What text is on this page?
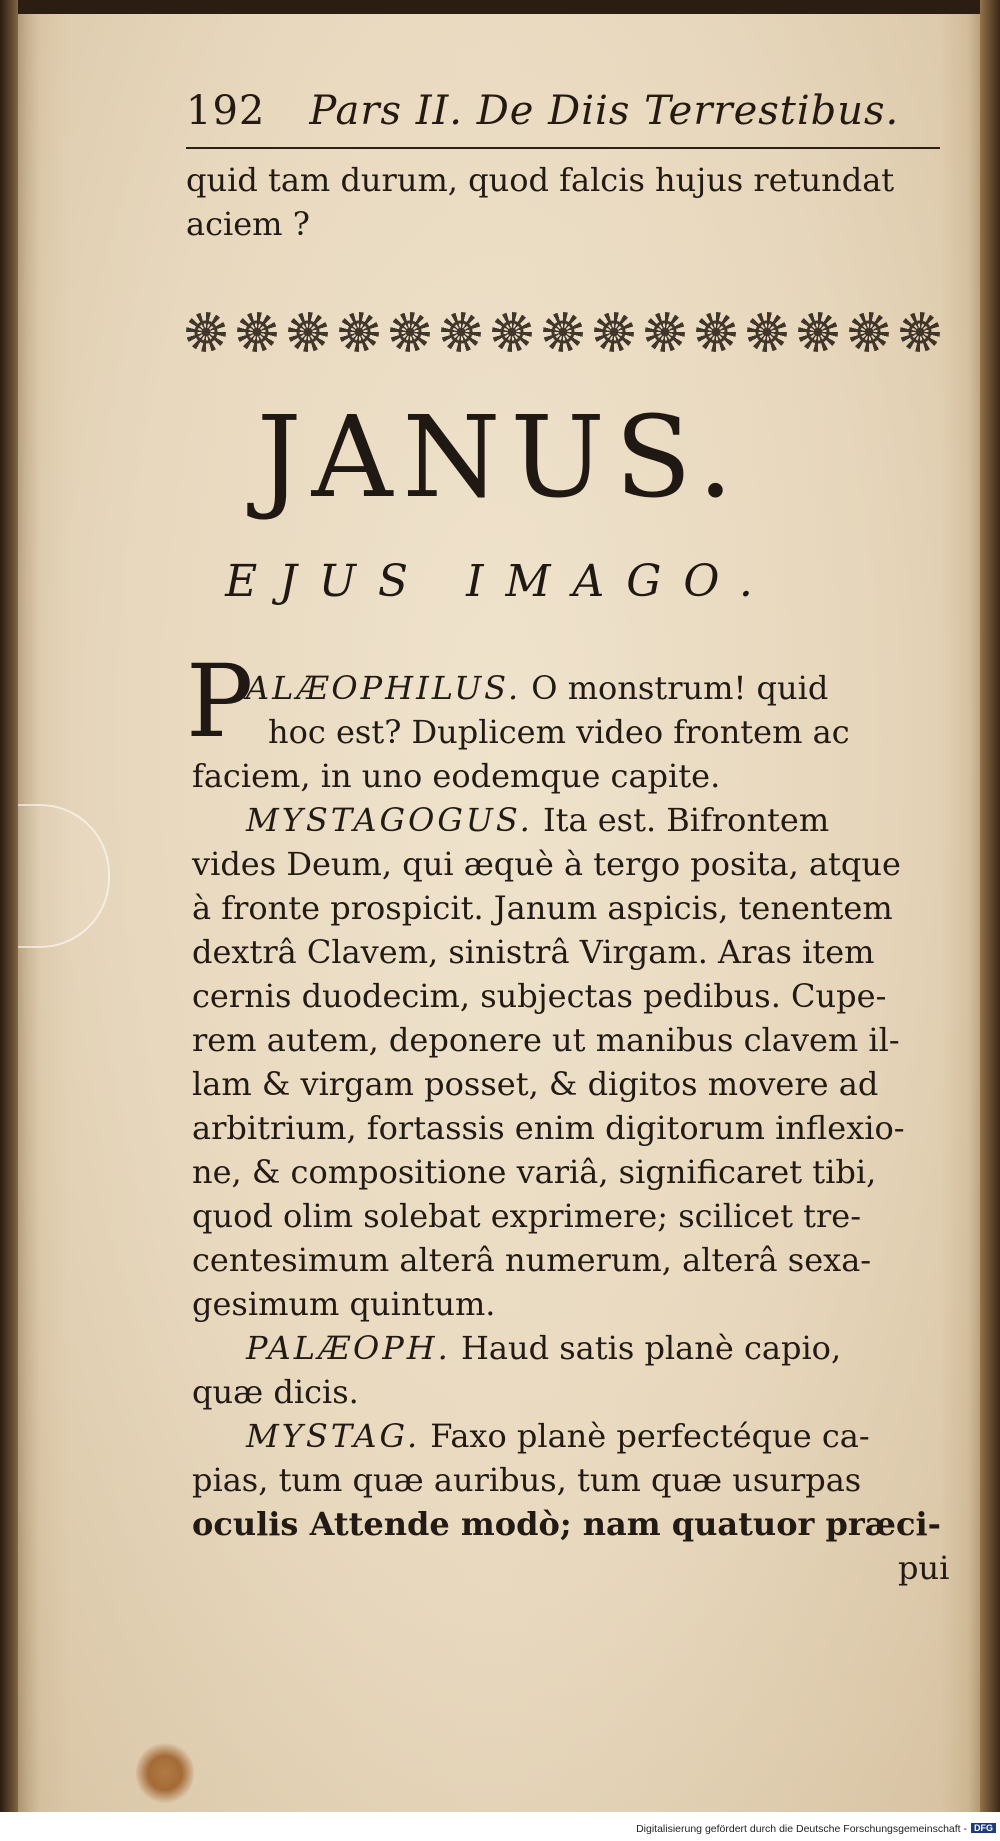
192 Pars II. De Diis Terrestibus.
quid tam durum, quod falcis hujus retundat
aciem ?
JANUS.
EJUS IMAGO.
P
ALÆOPHILUS. O monstrum! quid
hoc est? Duplicem video frontem ac
faciem, in uno eodemque capite.
MYSTAGOGUS. Ita est. Bifrontem
vides Deum, qui æquè à tergo posita, atque
à fronte prospicit. Janum aspicis, tenentem
dextrâ Clavem, sinistrâ Virgam. Aras item
cernis duodecim, subjectas pedibus. Cupe-
rem autem, deponere ut manibus clavem il-
lam & virgam posset, & digitos movere ad
arbitrium, fortassis enim digitorum inflexio-
ne, & compositione variâ, significaret tibi,
quod olim solebat exprimere; scilicet tre-
centesimum alterâ numerum, alterâ sexa-
gesimum quintum.
PALÆOPH. Haud satis planè capio,
quæ dicis.
MYSTAG. Faxo planè perfectéque ca-
pias, tum quæ auribus, tum quæ usurpas
oculis Attende modò; nam quatuor præci-
pui
Digitalisierung gefördert durch die Deutsche Forschungsgemeinschaft - DFG
